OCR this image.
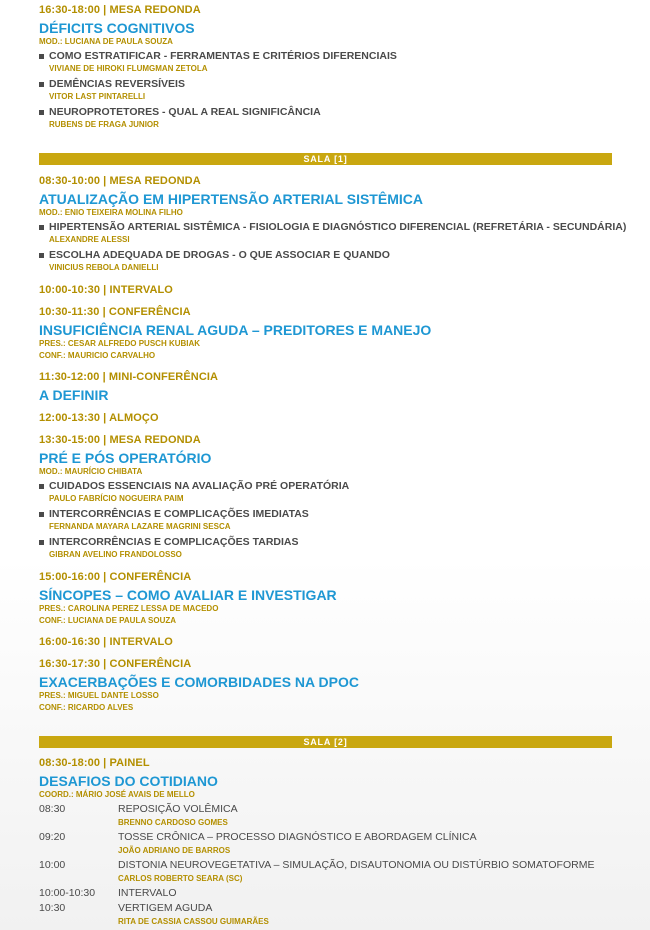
16:30-18:00 | MESA REDONDA
DÉFICITS COGNITIVOS
MOD.: LUCIANA DE PAULA SOUZA
COMO ESTRATIFICAR - FERRAMENTAS E CRITÉRIOS DIFERENCIAIS
VIVIANE DE HIROKI FLUMGMAN ZETOLA
DEMÊNCIAS REVERSÍVEIS
VITOR LAST PINTARELLI
NEUROPROTETORES - QUAL A REAL SIGNIFICÂNCIA
RUBENS DE FRAGA JUNIOR
SALA [1]
08:30-10:00 | MESA REDONDA
ATUALIZAÇÃO EM HIPERTENSÃO ARTERIAL SISTÊMICA
MOD.: ENIO TEIXEIRA MOLINA FILHO
HIPERTENSÃO ARTERIAL SISTÊMICA - FISIOLOGIA E DIAGNÓSTICO DIFERENCIAL (REFRETÁRIA - SECUNDÁRIA)
ALEXANDRE ALESSI
ESCOLHA ADEQUADA DE DROGAS - O QUE ASSOCIAR E QUANDO
VINICIUS REBOLA DANIELLI
10:00-10:30 | INTERVALO
10:30-11:30 | CONFERÊNCIA
INSUFICIÊNCIA RENAL AGUDA – PREDITORES E MANEJO
PRES.: CESAR ALFREDO PUSCH KUBIAK
CONF.: MAURICIO CARVALHO
11:30-12:00 | MINI-CONFERÊNCIA
A DEFINIR
12:00-13:30 | ALMOÇO
13:30-15:00 | MESA REDONDA
PRÉ E PÓS OPERATÓRIO
MOD.: MAURÍCIO CHIBATA
CUIDADOS ESSENCIAIS NA AVALIAÇÃO PRÉ OPERATÓRIA
PAULO FABRÍCIO NOGUEIRA PAIM
INTERCORRÊNCIAS E COMPLICAÇÕES IMEDIATAS
FERNANDA MAYARA LAZARE MAGRINI SESCA
INTERCORRÊNCIAS E COMPLICAÇÕES TARDIAS
GIBRAN AVELINO FRANDOLOSSO
15:00-16:00 | CONFERÊNCIA
SÍNCOPES – COMO AVALIAR E INVESTIGAR
PRES.: CAROLINA PEREZ LESSA DE MACEDO
CONF.: LUCIANA DE PAULA SOUZA
16:00-16:30 | INTERVALO
16:30-17:30 | CONFERÊNCIA
EXACERBAÇÕES E COMORBIDADES NA DPOC
PRES.: MIGUEL DANTE LOSSO
CONF.: RICARDO ALVES
SALA [2]
08:30-18:00 | PAINEL
DESAFIOS DO COTIDIANO
COORD.: MÁRIO JOSÉ AVAIS DE MELLO
08:30	REPOSIÇÃO VOLÊMICA
BRENNO CARDOSO GOMES
09:20	TOSSE CRÔNICA – PROCESSO DIAGNÓSTICO E ABORDAGEM CLÍNICA
JOÃO ADRIANO DE BARROS
10:00	DISTONIA NEUROVEGETATIVA – SIMULAÇÃO, DISAUTONOMIA OU DISTÚRBIO SOMATOFORME
CARLOS ROBERTO SEARA (SC)
10:00-10:30 INTERVALO
10:30	VERTIGEM AGUDA
RITA DE CASSIA CASSOU GUIMARÃES
